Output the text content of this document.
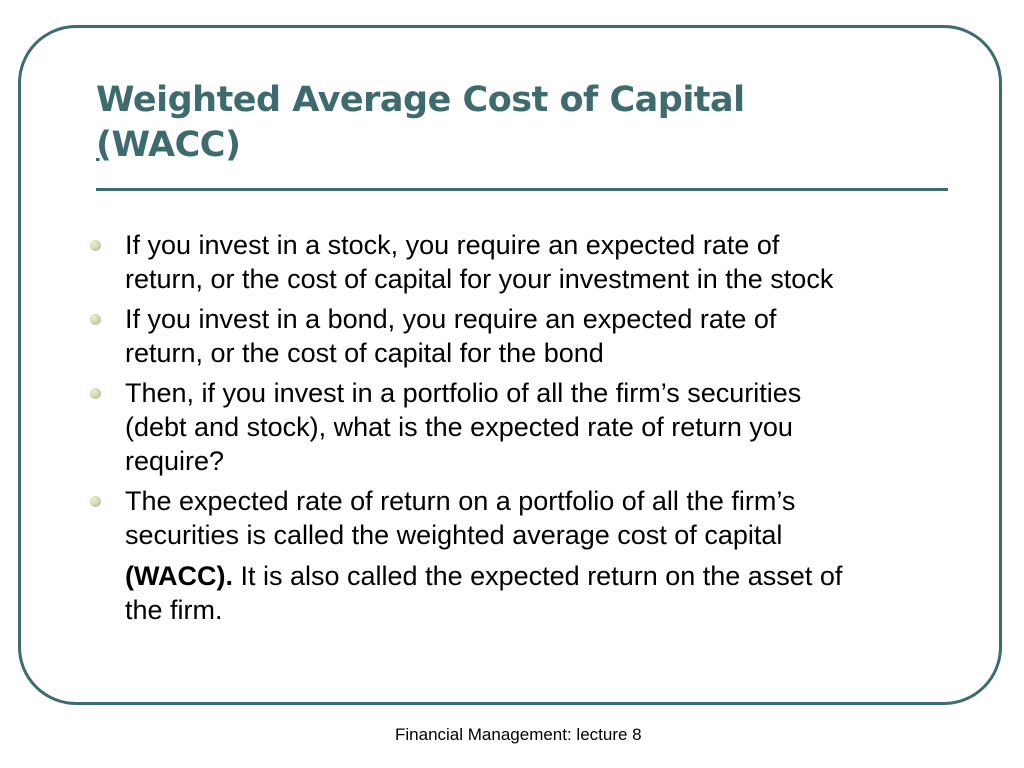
Weighted Average Cost of Capital
(WACC)
If you invest in a stock, you require an expected rate of
return, or the cost of capital for your investment in the stock
If you invest in a bond, you require an expected rate of
return, or the cost of capital for the bond
Then, if you invest in a portfolio of all the firm’s securities
(debt and stock), what is the expected rate of return you
require?
The expected rate of return on a portfolio of all the firm’s
securities is called the weighted average cost of capital
(WACC). It is also called the expected return on the asset of
the firm.
Financial Management: lecture 8
